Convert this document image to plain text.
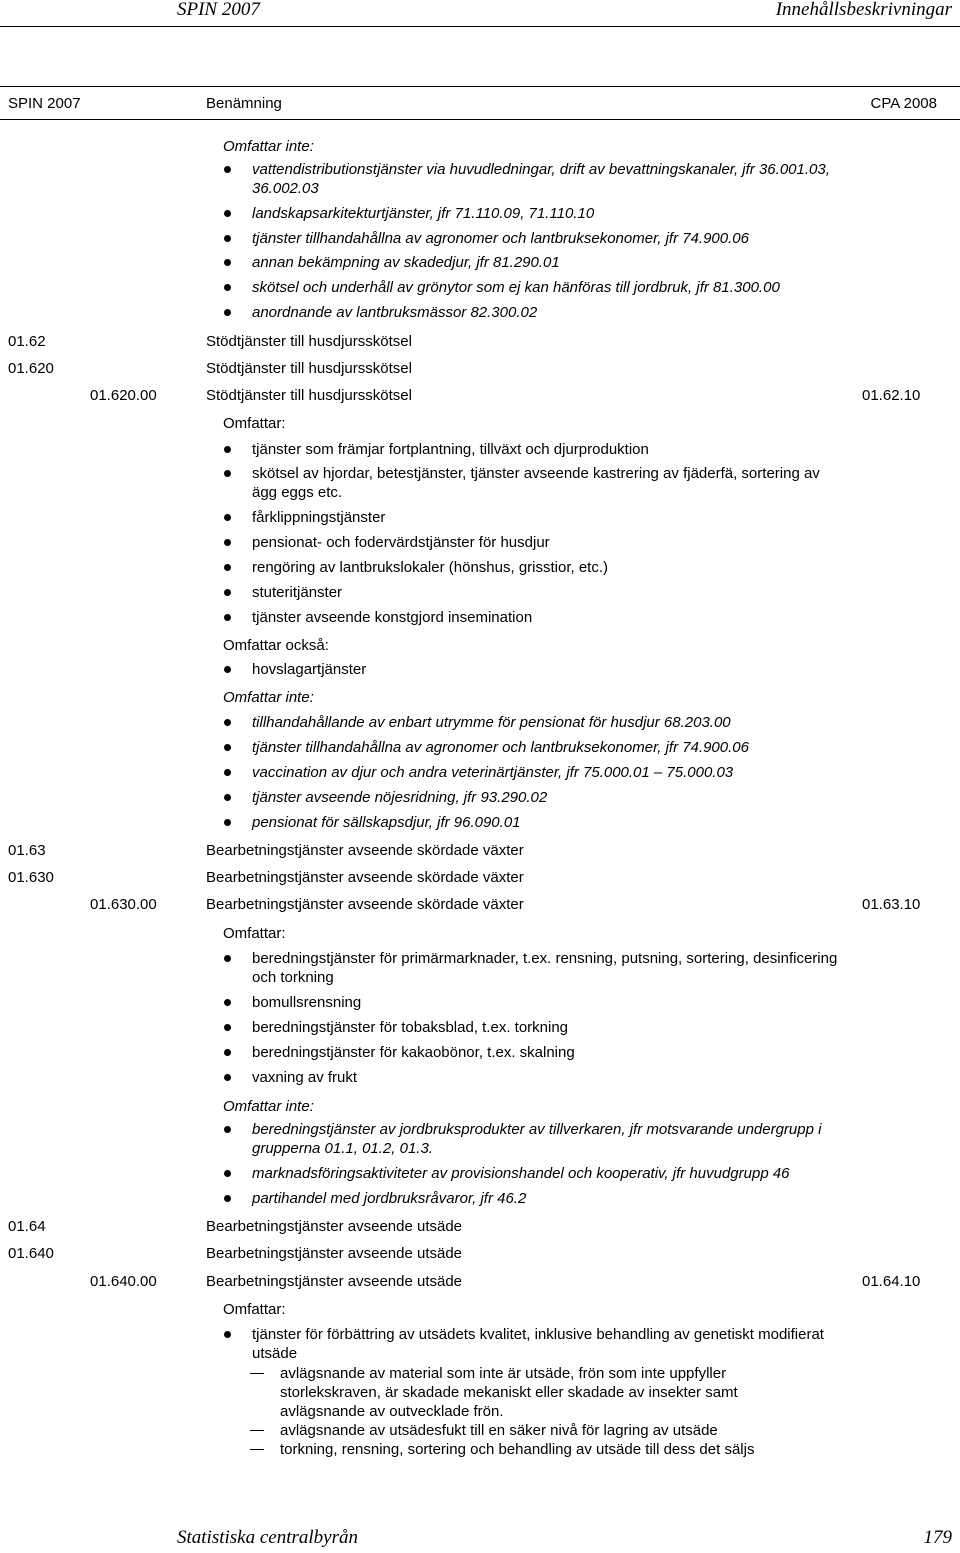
SPIN 2007	Innehållsbeskrivningar
SPIN 2007	Benämning	CPA 2008
Omfattar inte:
vattendistributionstjänster via huvudledningar, drift av bevattningskanaler, jfr 36.001.03, 36.002.03
landskapsarkitekturtjänster, jfr 71.110.09, 71.110.10
tjänster tillhandahållna av agronomer och lantbruksekonomer, jfr 74.900.06
annan bekämpning av skadedjur, jfr 81.290.01
skötsel och underhåll av grönytor som ej kan hänföras till jordbruk, jfr 81.300.00
anordnande av lantbruksmässor 82.300.02
01.62	Stödtjänster till husdjursskötsel
01.620	Stödtjänster till husdjursskötsel
01.620.00	Stödtjänster till husdjursskötsel	01.62.10
Omfattar:
tjänster som främjar fortplantning, tillväxt och djurproduktion
skötsel av hjordar, betestjänster, tjänster avseende kastrering av fjäderfä, sortering av ägg eggs etc.
fårklippningstjänster
pensionat- och fodervärdstjänster för husdjur
rengöring av lantbrukslokaler (hönshus, grisstior, etc.)
stuteritjänster
tjänster avseende konstgjord insemination
Omfattar också:
hovslagartjänster
Omfattar inte:
tillhandahållande av enbart utrymme för pensionat för husdjur 68.203.00
tjänster tillhandahållna av agronomer och lantbruksekonomer, jfr 74.900.06
vaccination av djur och andra veterinärtjänster, jfr 75.000.01 – 75.000.03
tjänster avseende nöjesridning, jfr 93.290.02
pensionat för sällskapsdjur, jfr 96.090.01
01.63	Bearbetningstjänster avseende skördade växter
01.630	Bearbetningstjänster avseende skördade växter
01.630.00	Bearbetningstjänster avseende skördade växter	01.63.10
Omfattar:
beredningstjänster för primärmarknader, t.ex. rensning, putsning, sortering, desinficering och torkning
bomullsrensning
beredningstjänster för tobaksblad, t.ex. torkning
beredningstjänster för kakaobönor, t.ex. skalning
vaxning av frukt
Omfattar inte:
beredningstjänster av jordbruksprodukter av tillverkaren, jfr motsvarande undergrupp i grupperna 01.1, 01.2, 01.3.
marknadsföringsaktiviteter av provisionshandel och kooperativ, jfr huvudgrupp 46
partihandel med jordbruksråvaror, jfr 46.2
01.64	Bearbetningstjänster avseende utsäde
01.640	Bearbetningstjänster avseende utsäde
01.640.00	Bearbetningstjänster avseende utsäde	01.64.10
Omfattar:
tjänster för förbättring av utsädets kvalitet, inklusive behandling av genetiskt modifierat utsäde
avlägsnande av material som inte är utsäde, frön som inte uppfyller storlekskraven, är skadade mekaniskt eller skadade av insekter samt avlägsnande av outvecklade frön.
avlägsnande av utsädesfukt till en säker nivå för lagring av utsäde
torkning, rensning, sortering och behandling av utsäde till dess det säljs
Statistiska centralbyrån	179
